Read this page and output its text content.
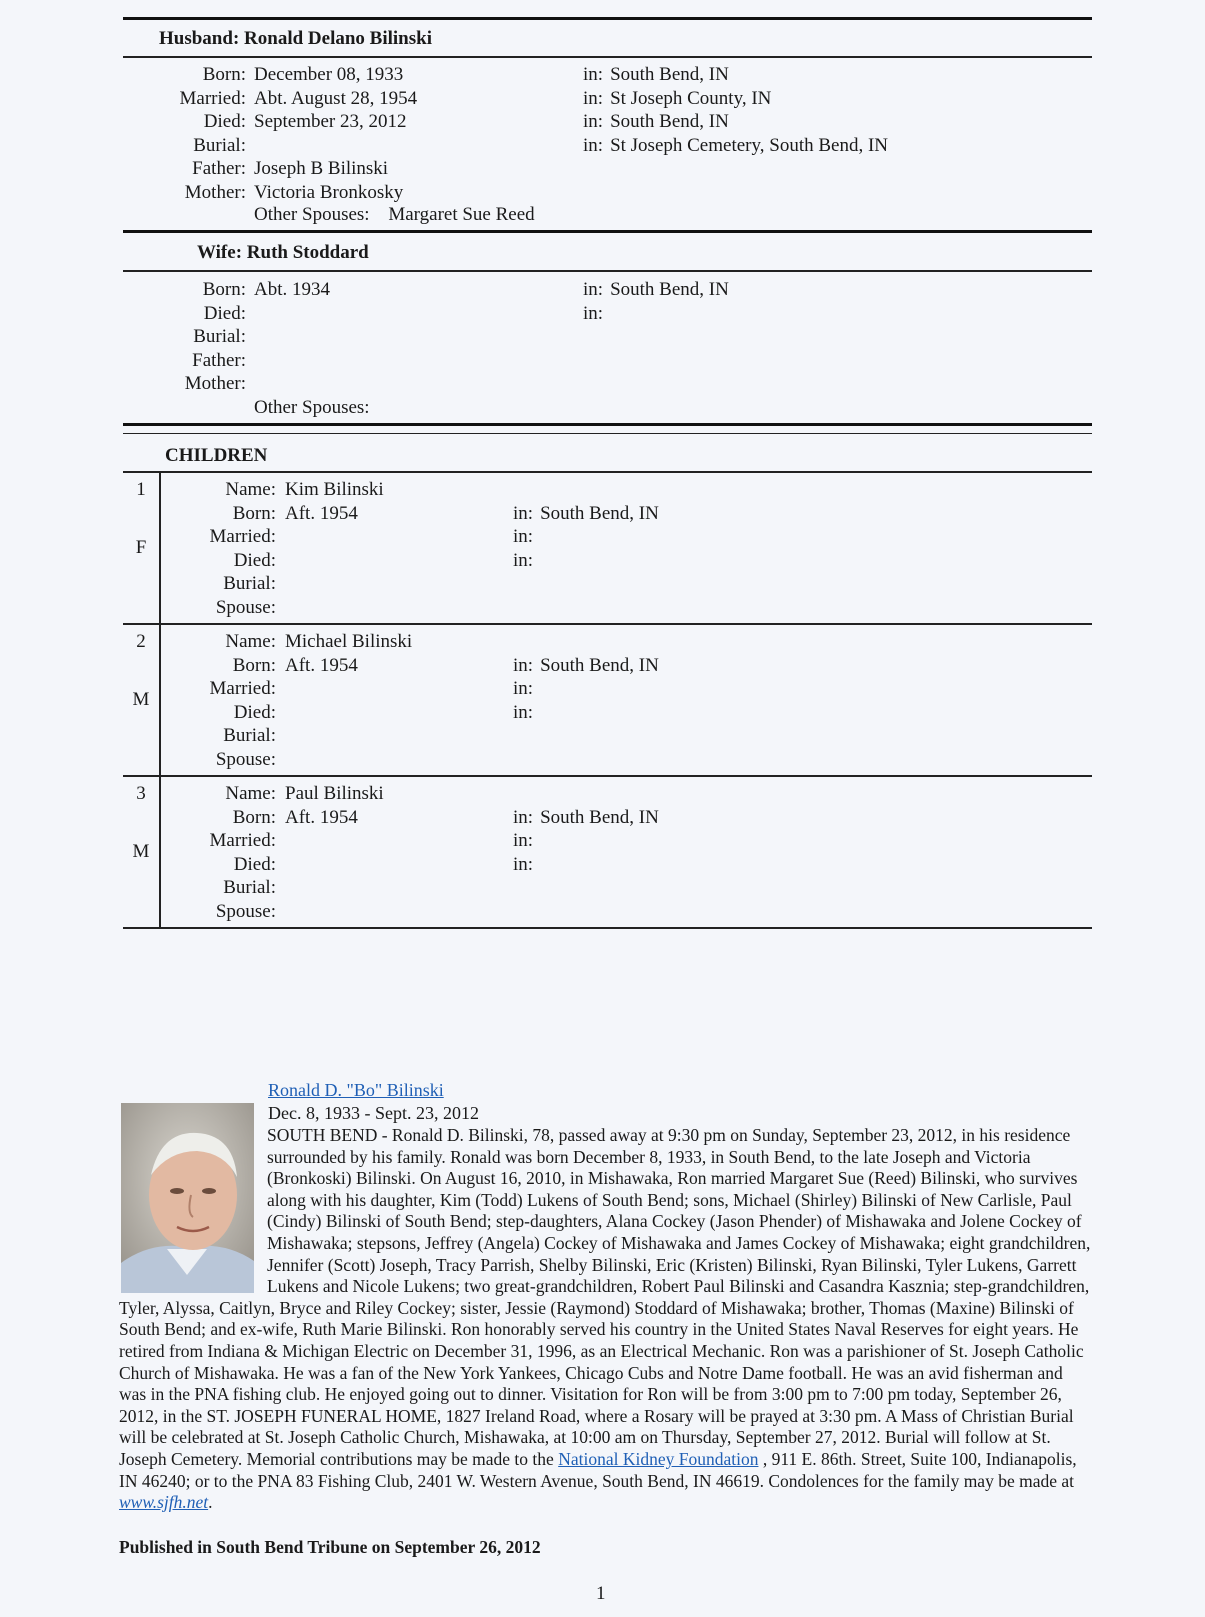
Husband: Ronald Delano Bilinski
Born: December 08, 1933	in: South Bend, IN
Married: Abt. August 28, 1954	in: St Joseph County, IN
Died: September 23, 2012	in: South Bend, IN
Burial:	in: St Joseph Cemetery, South Bend, IN
Father: Joseph B Bilinski
Mother: Victoria Bronkosky
Other Spouses: Margaret Sue Reed
Wife: Ruth Stoddard
Born: Abt. 1934	in: South Bend, IN
Died:	in:
Burial:
Father:
Mother:
Other Spouses:
CHILDREN
1
F
Name: Kim Bilinski
Born: Aft. 1954	in: South Bend, IN
Married:	in:
Died:	in:
Burial:
Spouse:
2
M
Name: Michael Bilinski
Born: Aft. 1954	in: South Bend, IN
Married:	in:
Died:	in:
Burial:
Spouse:
3
M
Name: Paul Bilinski
Born: Aft. 1954	in: South Bend, IN
Married:	in:
Died:	in:
Burial:
Spouse:
Ronald D. "Bo" Bilinski
Dec. 8, 1933 - Sept. 23, 2012
SOUTH BEND - Ronald D. Bilinski, 78, passed away at 9:30 pm on Sunday, September 23, 2012, in his residence surrounded by his family. Ronald was born December 8, 1933, in South Bend, to the late Joseph and Victoria (Bronkoski) Bilinski. On August 16, 2010, in Mishawaka, Ron married Margaret Sue (Reed) Bilinski, who survives along with his daughter, Kim (Todd) Lukens of South Bend; sons, Michael (Shirley) Bilinski of New Carlisle, Paul (Cindy) Bilinski of South Bend; step-daughters, Alana Cockey (Jason Phender) of Mishawaka and Jolene Cockey of Mishawaka; stepsons, Jeffrey (Angela) Cockey of Mishawaka and James Cockey of Mishawaka; eight grandchildren, Jennifer (Scott) Joseph, Tracy Parrish, Shelby Bilinski, Eric (Kristen) Bilinski, Ryan Bilinski, Tyler Lukens, Garrett Lukens and Nicole Lukens; two great-grandchildren, Robert Paul Bilinski and Casandra Kasznia; step-grandchildren, Tyler, Alyssa, Caitlyn, Bryce and Riley Cockey; sister, Jessie (Raymond) Stoddard of Mishawaka; brother, Thomas (Maxine) Bilinski of South Bend; and ex-wife, Ruth Marie Bilinski. Ron honorably served his country in the United States Naval Reserves for eight years. He retired from Indiana & Michigan Electric on December 31, 1996, as an Electrical Mechanic. Ron was a parishioner of St. Joseph Catholic Church of Mishawaka. He was a fan of the New York Yankees, Chicago Cubs and Notre Dame football. He was an avid fisherman and was in the PNA fishing club. He enjoyed going out to dinner. Visitation for Ron will be from 3:00 pm to 7:00 pm today, September 26, 2012, in the ST. JOSEPH FUNERAL HOME, 1827 Ireland Road, where a Rosary will be prayed at 3:30 pm. A Mass of Christian Burial will be celebrated at St. Joseph Catholic Church, Mishawaka, at 10:00 am on Thursday, September 27, 2012. Burial will follow at St. Joseph Cemetery. Memorial contributions may be made to the National Kidney Foundation , 911 E. 86th. Street, Suite 100, Indianapolis, IN 46240; or to the PNA 83 Fishing Club, 2401 W. Western Avenue, South Bend, IN 46619. Condolences for the family may be made at www.sjfh.net.
Published in South Bend Tribune on September 26, 2012
1
